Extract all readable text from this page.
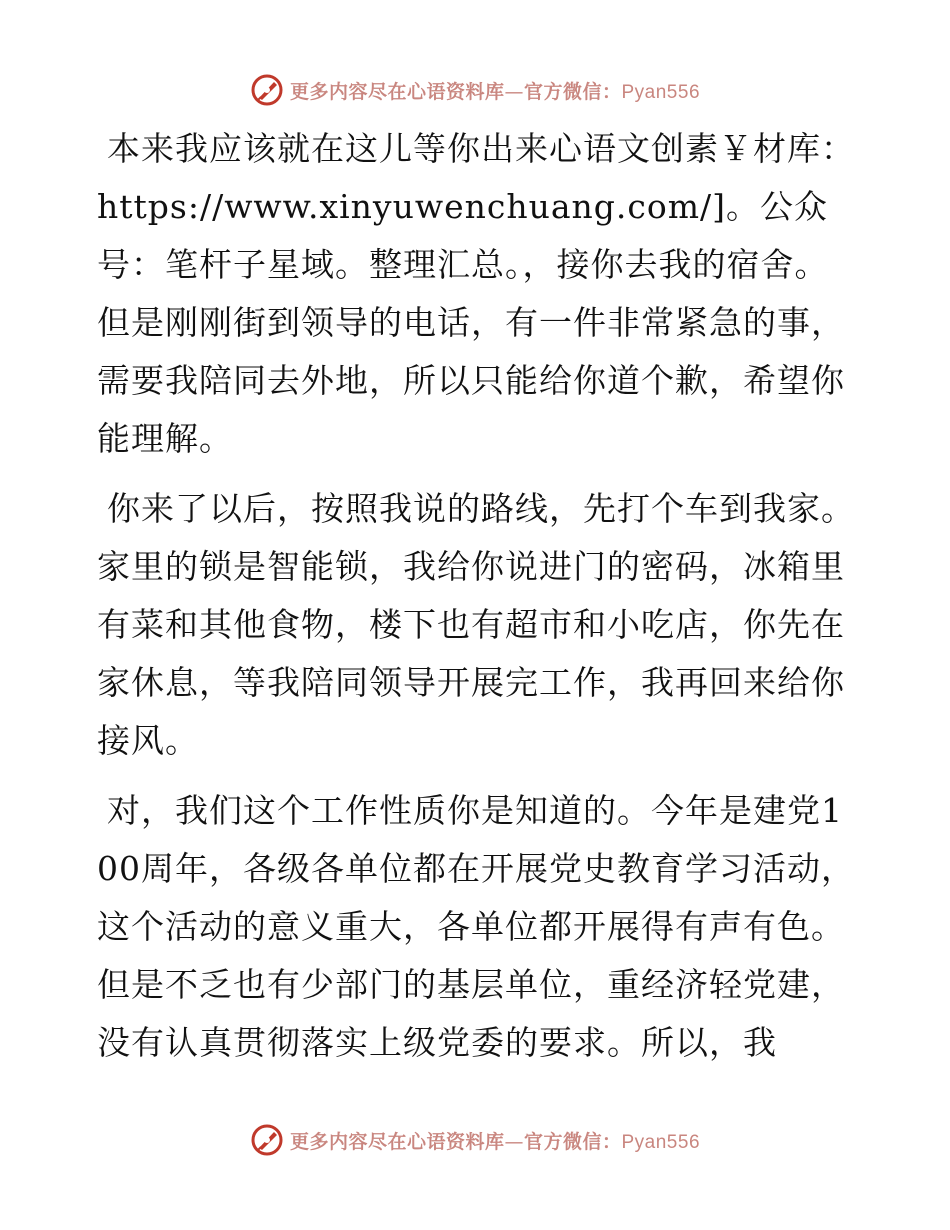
更多内容尽在心语资料库—官方微信：Pyan556

本来我应该就在这儿等你出来心语文创素￥材库：https://www.xinyuwenchuang.com/]。公众号：笔杆子星域。整理汇总。，接你去我的宿舍。但是刚刚街到领导的电话，有一件非常紧急的事，需要我陪同去外地，所以只能给你道个歉，希望你能理解。

你来了以后，按照我说的路线，先打个车到我家。家里的锁是智能锁，我给你说进门的密码，冰箱里有菜和其他食物，楼下也有超市和小吃店，你先在家休息，等我陪同领导开展完工作，我再回来给你接风。

对，我们这个工作性质你是知道的。今年是建党100周年，各级各单位都在开展党史教育学习活动，这个活动的意义重大，各单位都开展得有声有色。但是不乏也有少部门的基层单位，重经济轻党建，没有认真贯彻落实上级党委的要求。所以，我

更多内容尽在心语资料库—官方微信：Pyan556
